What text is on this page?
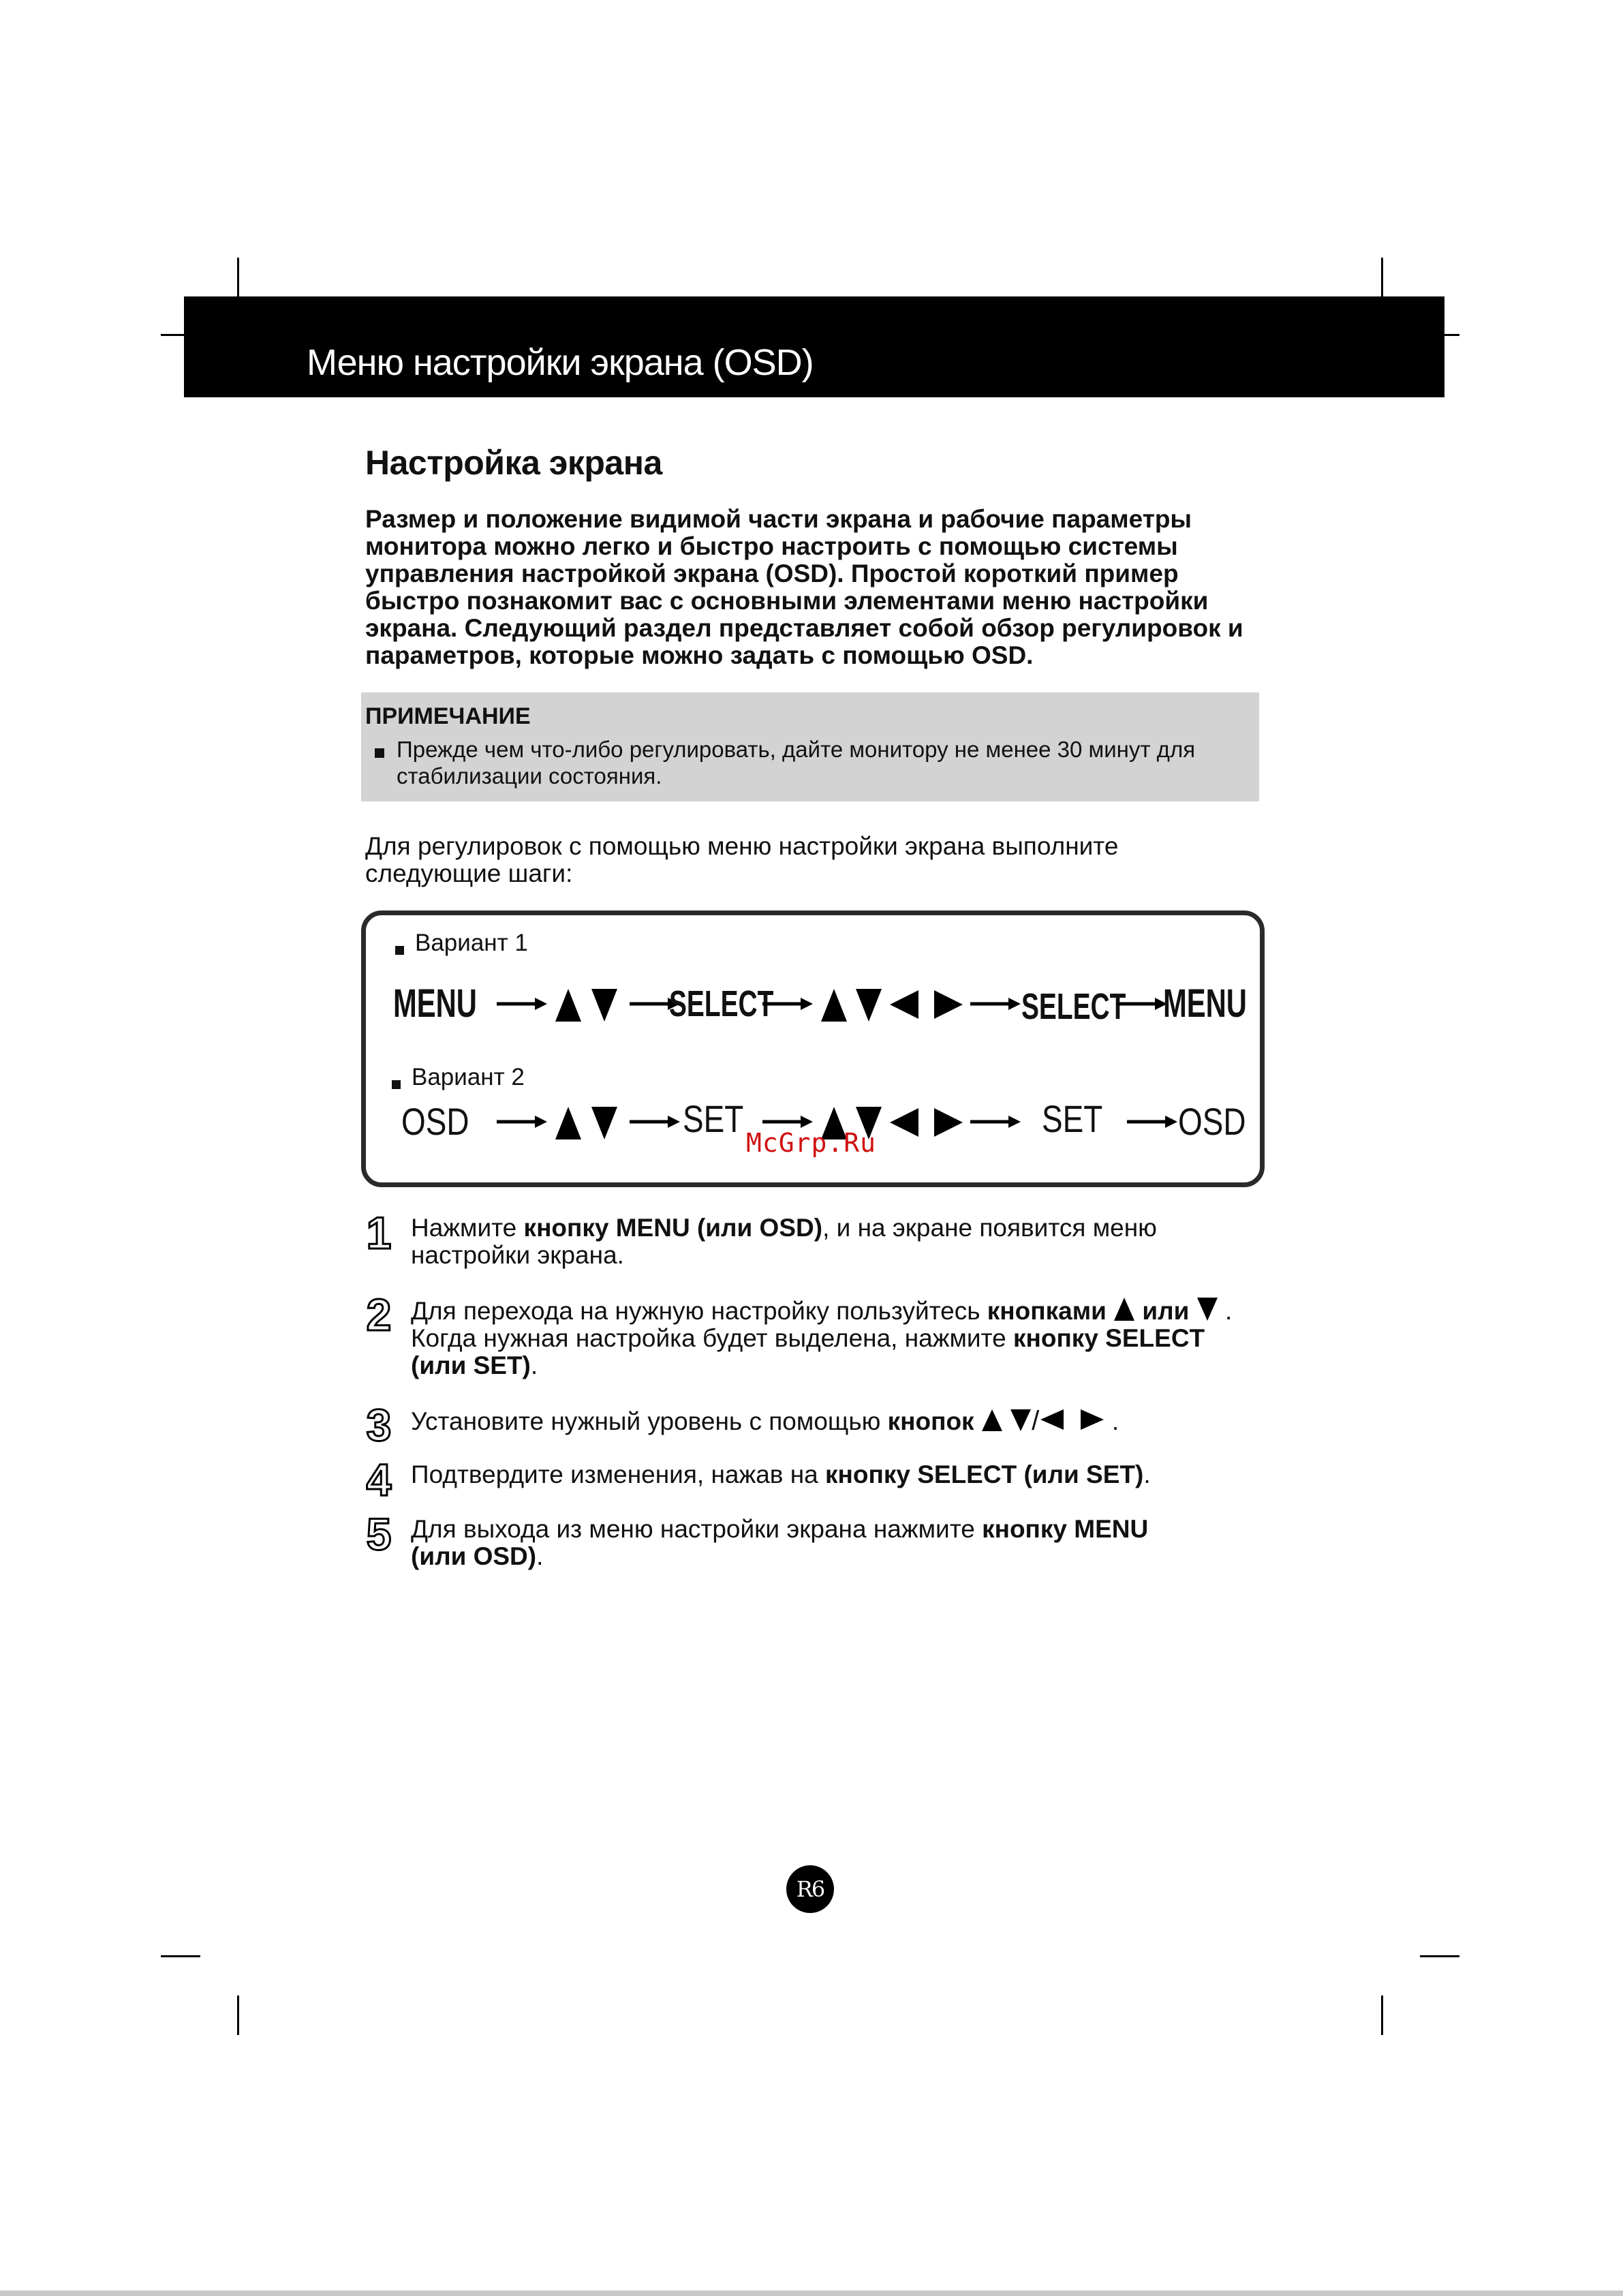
Меню настройки экрана (OSD)
Настройка экрана

Размер и положение видимой части экрана и рабочие параметры монитора можно легко и быстро настроить с помощью системы управления настройкой экрана (OSD). Простой короткий пример быстро познакомит вас с основными элементами меню настройки экрана. Следующий раздел представляет собой обзор регулировок и параметров, которые можно задать с помощью OSD.

ПРИМЕЧАНИЕ

Прежде чем что-либо регулировать, дайте монитору не менее 30 минут для стабилизации состояния.

Для регулировок с помощью меню настройки экрана выполните следующие шаги:

Вариант 1
MENU	SELECT	SELECT MENU
Вариант 2
OSD	SET	SET OSD
McGrp.Ru
1 Нажмите кнопку MENU (или OSD), и на экране появится меню настройки экрана.

2 Для перехода на нужную настройку пользуйтесь кнопками или .
Когда нужная настройка будет выделена, нажмите кнопку SELECT (или SET).

3 Установите нужный уровень с помощью кнопок /	.

4 Подтвердите изменения, нажав на кнопку SELECT (или SET).

5 Для выхода из меню настройки экрана нажмите кнопку MENU (или OSD).

R6
